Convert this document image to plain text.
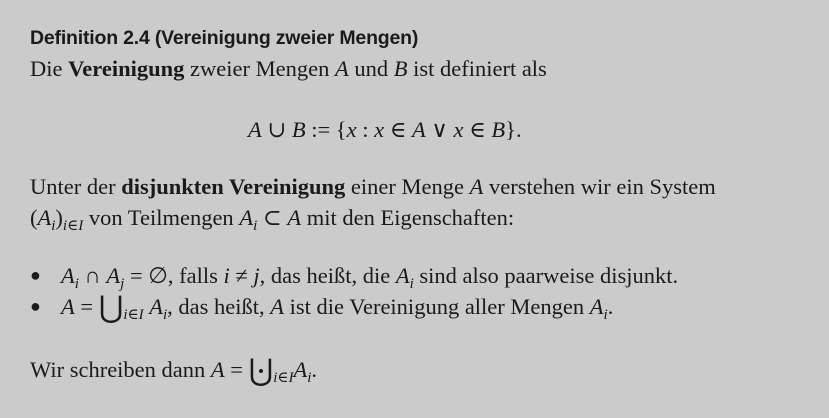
Definition 2.4 (Vereinigung zweier Mengen)
Die Vereinigung zweier Mengen A und B ist definiert als
A ∪ B := {x : x ∈ A ∨ x ∈ B}.
Unter der disjunkten Vereinigung einer Menge A verstehen wir ein System
$(A_i)_{i\in I}$ von Teilmengen $A_i$ ⊂ A mit den Eigenschaften:
● $A_i$ ∩ $A_j$ = ∅, falls i ≠ j, das heißt, die $A_i$ sind also paarweise disjunkt.
● $A = ⋃_{i\in I}$ $A_i$, das heißt, A ist die Vereinigung aller Mengen $A_i$.
Wir schreiben dann $A = ⋃_{i\in I}A_i$.
